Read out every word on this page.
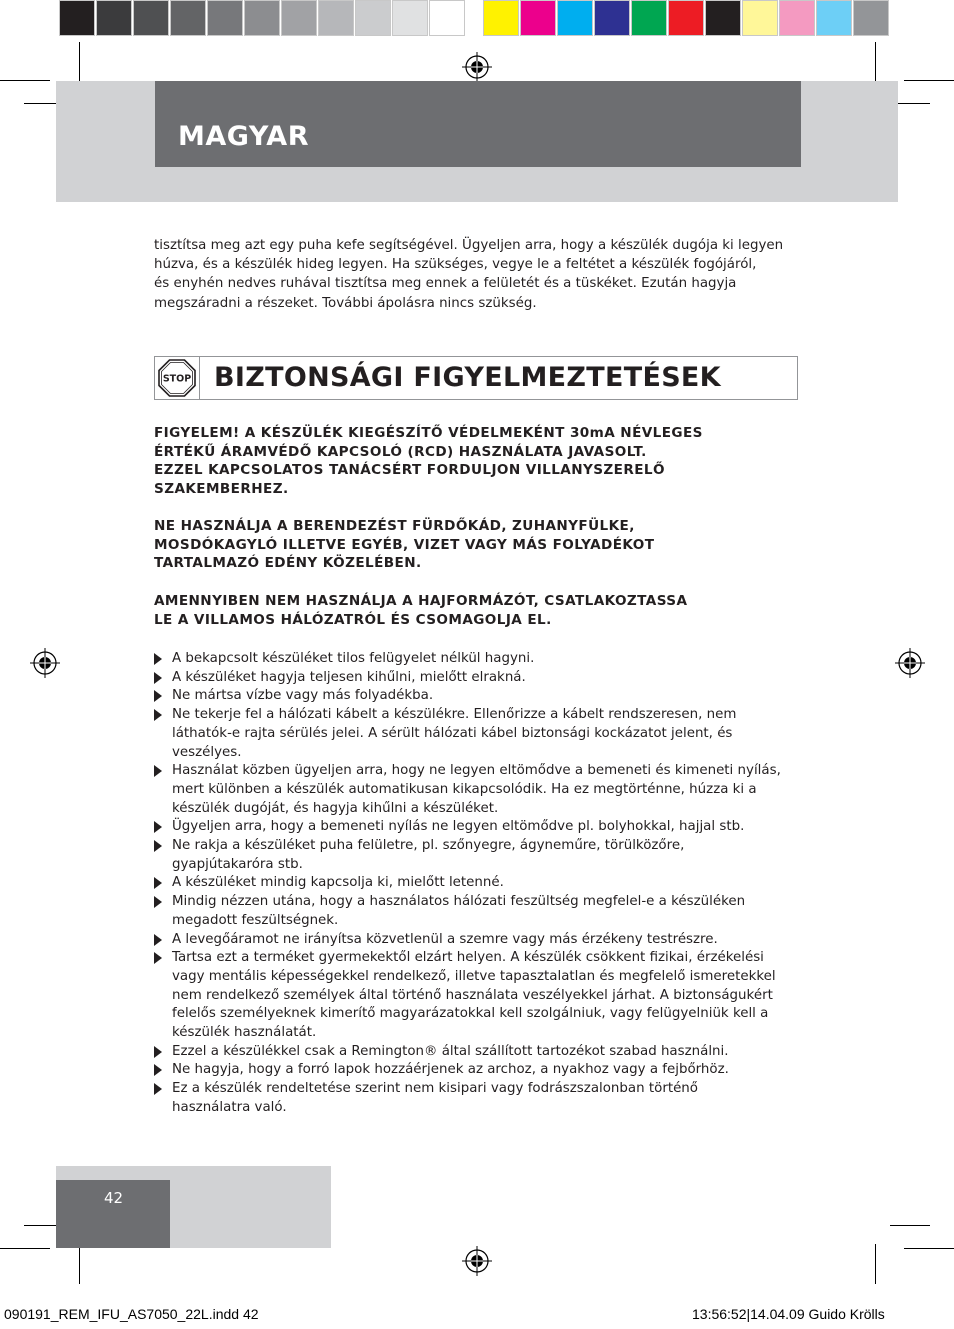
MAGYAR

tisztítsa meg azt egy puha kefe segítségével. Ügyeljen arra, hogy a készülék dugója ki legyen

húzva, és a készülék hideg legyen. Ha szükséges, vegye le a feltétet a készülék fogójáról,

és enyhén nedves ruhával tisztítsa meg ennek a felületét és a tüskéket. Ezután hagyja

megszáradni a részeket. További ápolásra nincs szükség.

STOP BIZTONSÁGI FIGYELMEZTETÉSEK

FIGYELEM! A KÉSZÜLÉK KIEGÉSZÍTŐ VÉDELMEKÉNT 30mA NÉVLEGES

ÉRTÉKŰ ÁRAMVÉDŐ KAPCSOLÓ (RCD) HASZNÁLATA JAVASOLT.

EZZEL KAPCSOLATOS TANÁCSÉRT FORDULJON VILLANYSZERELŐ

SZAKEMBERHEZ.

NE HASZNÁLJA A BERENDEZÉST FÜRDŐKÁD, ZUHANYFÜLKE,

MOSDÓKAGYLÓ ILLETVE EGYÉB, VIZET VAGY MÁS FOLYADÉKOT

TARTALMAZÓ EDÉNY KÖZELÉBEN.

AMENNYIBEN NEM HASZNÁLJA A HAJFORMÁZÓT, CSATLAKOZTASSA

LE A VILLAMOS HÁLÓZATRÓL ÉS CSOMAGOLJA EL.

A bekapcsolt készüléket tilos felügyelet nélkül hagyni.
A készüléket hagyja teljesen kihűlni, mielőtt elrakná.
Ne mártsa vízbe vagy más folyadékba.
Ne tekerje fel a hálózati kábelt a készülékre. Ellenőrizze a kábelt rendszeresen, nem
láthatók-e rajta sérülés jelei. A sérült hálózati kábel biztonsági kockázatot jelent, és
veszélyes.
Használat közben ügyeljen arra, hogy ne legyen eltömődve a bemeneti és kimeneti nyílás,
mert különben a készülék automatikusan kikapcsolódik. Ha ez megtörténne, húzza ki a
készülék dugóját, és hagyja kihűlni a készüléket.
Ügyeljen arra, hogy a bemeneti nyílás ne legyen eltömődve pl. bolyhokkal, hajjal stb.
Ne rakja a készüléket puha felületre, pl. szőnyegre, ágyneműre, törülközőre,
gyapjútakaróra stb.
A készüléket mindig kapcsolja ki, mielőtt letenné.
Mindig nézzen utána, hogy a használatos hálózati feszültség megfelel-e a készüléken
megadott feszültségnek.
A levegőáramot ne irányítsa közvetlenül a szemre vagy más érzékeny testrészre.
Tartsa ezt a terméket gyermekektől elzárt helyen. A készülék csökkent fizikai, érzékelési
vagy mentális képességekkel rendelkező, illetve tapasztalatlan és megfelelő ismeretekkel
nem rendelkező személyek által történő használata veszélyekkel járhat. A biztonságukért
felelős személyeknek kimerítő magyarázatokkal kell szolgálniuk, vagy felügyelniük kell a
készülék használatát.
Ezzel a készülékkel csak a Remington® által szállított tartozékot szabad használni.
Ne hagyja, hogy a forró lapok hozzáérjenek az archoz, a nyakhoz vagy a fejbőrhöz.
Ez a készülék rendeltetése szerint nem kisipari vagy fodrászszalonban történő
használatra való.
42
090191_REM_IFU_AS7050_22L.indd 42	13:56:52|14.04.09 Guido Krölls
